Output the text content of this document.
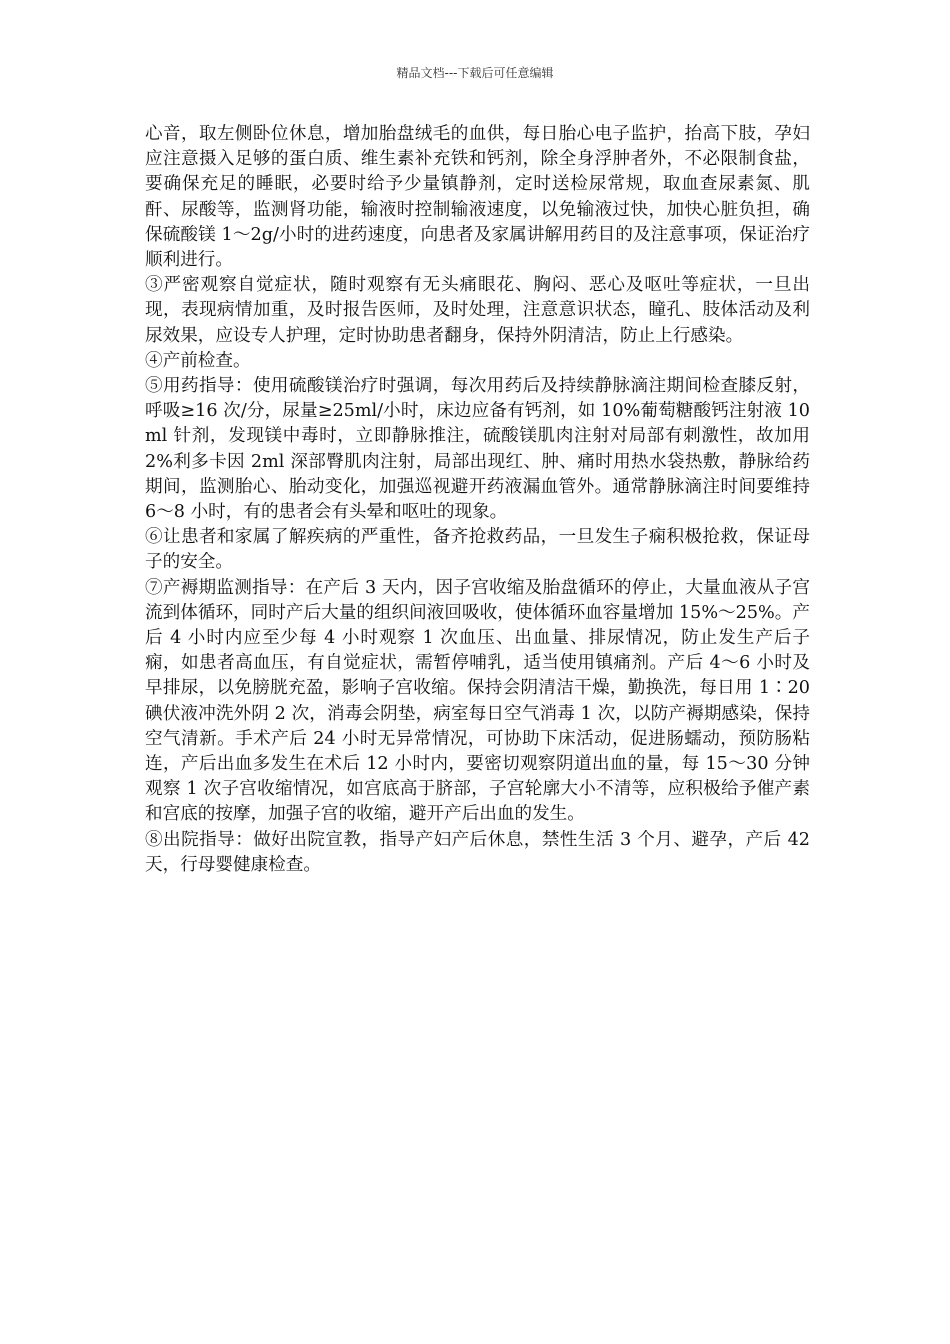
精品文档---下载后可任意编辑

心音，取左侧卧位休息，增加胎盘绒毛的血供，每日胎心电子监护，抬高下肢，孕妇应注意摄入足够的蛋白质、维生素补充铁和钙剂，除全身浮肿者外，不必限制食盐，要确保充足的睡眠，必要时给予少量镇静剂，定时送检尿常规，取血查尿素氮、肌酐、尿酸等，监测肾功能，输液时控制输液速度，以免输液过快，加快心脏负担，确保硫酸镁 1～2g/小时的进药速度，向患者及家属讲解用药目的及注意事项，保证治疗顺利进行。

③严密观察自觉症状，随时观察有无头痛眼花、胸闷、恶心及呕吐等症状，一旦出现，表现病情加重，及时报告医师，及时处理，注意意识状态，瞳孔、肢体活动及利尿效果，应设专人护理，定时协助患者翻身，保持外阴清洁，防止上行感染。

④产前检查。

⑤用药指导：使用硫酸镁治疗时强调，每次用药后及持续静脉滴注期间检查膝反射，呼吸≥16 次/分，尿量≥25ml/小时，床边应备有钙剂，如 10%葡萄糖酸钙注射液 10ml 针剂，发现镁中毒时，立即静脉推注，硫酸镁肌肉注射对局部有刺激性，故加用 2%利多卡因 2ml 深部臀肌肉注射，局部出现红、肿、痛时用热水袋热敷，静脉给药期间，监测胎心、胎动变化，加强巡视避开药液漏血管外。通常静脉滴注时间要维持 6～8 小时，有的患者会有头晕和呕吐的现象。

⑥让患者和家属了解疾病的严重性，备齐抢救药品，一旦发生子痫积极抢救，保证母子的安全。

⑦产褥期监测指导：在产后 3 天内，因子宫收缩及胎盘循环的停止，大量血液从子宫流到体循环，同时产后大量的组织间液回吸收，使体循环血容量增加 15%～25%。产后 4 小时内应至少每 4 小时观察 1 次血压、出血量、排尿情况，防止发生产后子痫，如患者高血压，有自觉症状，需暂停哺乳，适当使用镇痛剂。产后 4～6 小时及早排尿，以免膀胱充盈，影响子宫收缩。保持会阴清洁干燥，勤换洗，每日用 1∶20 碘伏液冲洗外阴 2 次，消毒会阴垫，病室每日空气消毒 1 次，以防产褥期感染，保持空气清新。手术产后 24 小时无异常情况，可协助下床活动，促进肠蠕动，预防肠粘连，产后出血多发生在术后 12 小时内，要密切观察阴道出血的量，每 15～30 分钟观察 1 次子宫收缩情况，如宫底高于脐部，子宫轮廓大小不清等，应积极给予催产素和宫底的按摩，加强子宫的收缩，避开产后出血的发生。

⑧出院指导：做好出院宣教，指导产妇产后休息，禁性生活 3 个月、避孕，产后 42 天，行母婴健康检查。
